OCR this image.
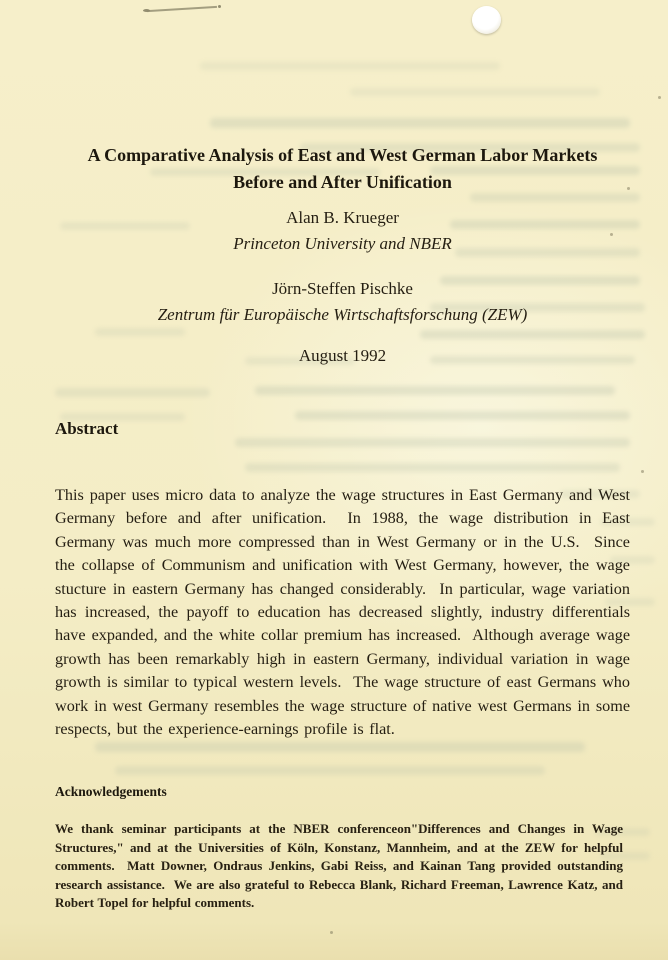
A Comparative Analysis of East and West German Labor Markets
Before and After Unification
Alan B. Krueger
Princeton University and NBER
Jörn-Steffen Pischke
Zentrum für Europäische Wirtschaftsforschung (ZEW)
August 1992
Abstract
This paper uses micro data to analyze the wage structures in East Germany and West Germany before and after unification.  In 1988, the wage distribution in East Germany was much more compressed than in West Germany or in the U.S.  Since the collapse of Communism and unification with West Germany, however, the wage stucture in eastern Germany has changed considerably.  In particular, wage variation has increased, the payoff to education has decreased slightly, industry differentials have expanded, and the white collar premium has increased.  Although average wage growth has been remarkably high in eastern Germany, individual variation in wage growth is similar to typical western levels.  The wage structure of east Germans who work in west Germany resembles the wage structure of native west Germans in some respects, but the experience-earnings profile is flat.
Acknowledgements
We thank seminar participants at the NBER conferenceon"Differences and Changes in Wage Structures," and at the Universities of Köln, Konstanz, Mannheim, and at the ZEW for helpful comments.  Matt Downer, Ondraus Jenkins, Gabi Reiss, and Kainan Tang provided outstanding research assistance.  We are also grateful to Rebecca Blank, Richard Freeman, Lawrence Katz, and Robert Topel for helpful comments.
